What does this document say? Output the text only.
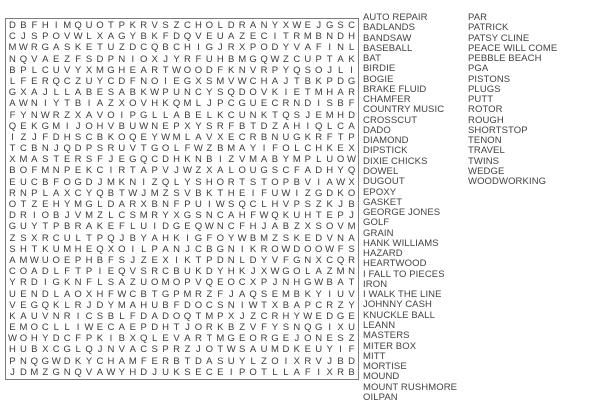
D B F H I M Q U O T P K R V S Z C H O L D R A N Y X W E J G S C
C J S P O V W L X A G Y B K F D Q V E U A Z E C I T R M B N D H
M W R G A S K E T U Z D C Q B C H I G J R X P O D Y V A F I N L
N Q V A E Z F S D P N I O X J Y R F U H B M G Q W Z C U P T A K
B P L C U V Y X M G H E A R T W O O D F K N V R P Y Q S O J L I
L F E R Q C Z U Y C D F N O I E G X S M V W C H A J T B K P D G
G X A J L L A B E S A B K W P U N C Y S Q D O V K I E T M H A R
A W N I Y T B I A Z X O V H K Q M L J P C G U E C R N D I S B F
F Y N W R Z X A V O I P G L L A B E L K C U N K T Q S J E M H D
Q E K G M I J O H V B U W N E P X Y S R F B T D Z A H I Q L C A
I Z J F D H S C B K O Q E Y W M L A V X E C R B N U G K R F T P
T C B N J Q D P S R U V T G O L F W Z B M A Y I F O L C H K E X
X M A S T E R S F J E G Q C D H K N B I Z V M A B Y M P L U O W
B O F M N P E K C I R T A P V J W Z X A L O U G S C F A D H Y Q
E U C B F O G D J M K N I Z Q L Y S H O R T S T O P B V I A W X
R N P L A X C Y Q B T W J M Z S V B K T H E I F U W I Z G D K O
O T Z E H Y M G L D A R X B N F P U I W S Q C L H V P S Z K J B
D R I O B J V M Z L C S M R Y X G S N C A H F W Q K U H T E P J
G U Y T P B R A K E F L U I D G E Q W N C F H J A B Z X S O V M
Z S X R C U L T P Q J B Y A H K I G F O Y W B M Z S K E D V N A
S H T K U M H E Q X O I L P A N J C B G N I K R O W D O O W F S
A M W U O E P H B F S J Z E X I K T P D N L D Y V F G N X C Q R
C O A D L F T P I E Q V S R C B U K D Y H K J X W G O L A Z M N
Y R D I G K N F L S A Z U O M O P V Q E O C X P J N H G W B A T
U E N D L A O X H F W C B T G P M R Z F J A Q S E M B K Y I U V
V E G Q K L R J D Y M A H U B F D O C S N I W T X B A P C R Z Y
K A U V N R I C S B L F D A D O Q T M P X J Z C R H Y W E D G E
E M O C L L I W E C A E P D H T J O R K B Z V F Y S N Q G I X U
W O H Y D C F P K I B X Q L E V A R T M G E O R G E J O N E S Z
H U B X C G L Q J N V A C S P R Z J O T W S A U M D K E U Y I F
P N Q G W D K Y C H A M F E R B T D A S U Y L Z O I X R V J B D
J D M Z G N Q V A W Y H D J U K S E C E I P O T L L A F I X R B
AUTO REPAIR
BADLANDS
BANDSAW
BASEBALL
BAT
BIRDIE
BOGIE
BRAKE FLUID
CHAMFER
COUNTRY MUSIC
CROSSCUT
DADO
DIAMOND
DIPSTICK
DIXIE CHICKS
DOWEL
DUGOUT
EPOXY
GASKET
GEORGE JONES
GOLF
GRAIN
HANK WILLIAMS
HAZARD
HEARTWOOD
I FALL TO PIECES
IRON
I WALK THE LINE
JOHNNY CASH
KNUCKLE BALL
LEANN
MASTERS
MITER BOX
MITT
MORTISE
MOUND
MOUNT RUSHMORE
OILPAN
PAR
PATRICK
PATSY CLINE
PEACE WILL COME
PEBBLE BEACH
PGA
PISTONS
PLUGS
PUTT
ROTOR
ROUGH
SHORTSTOP
TENON
TRAVEL
TWINS
WEDGE
WOODWORKING
